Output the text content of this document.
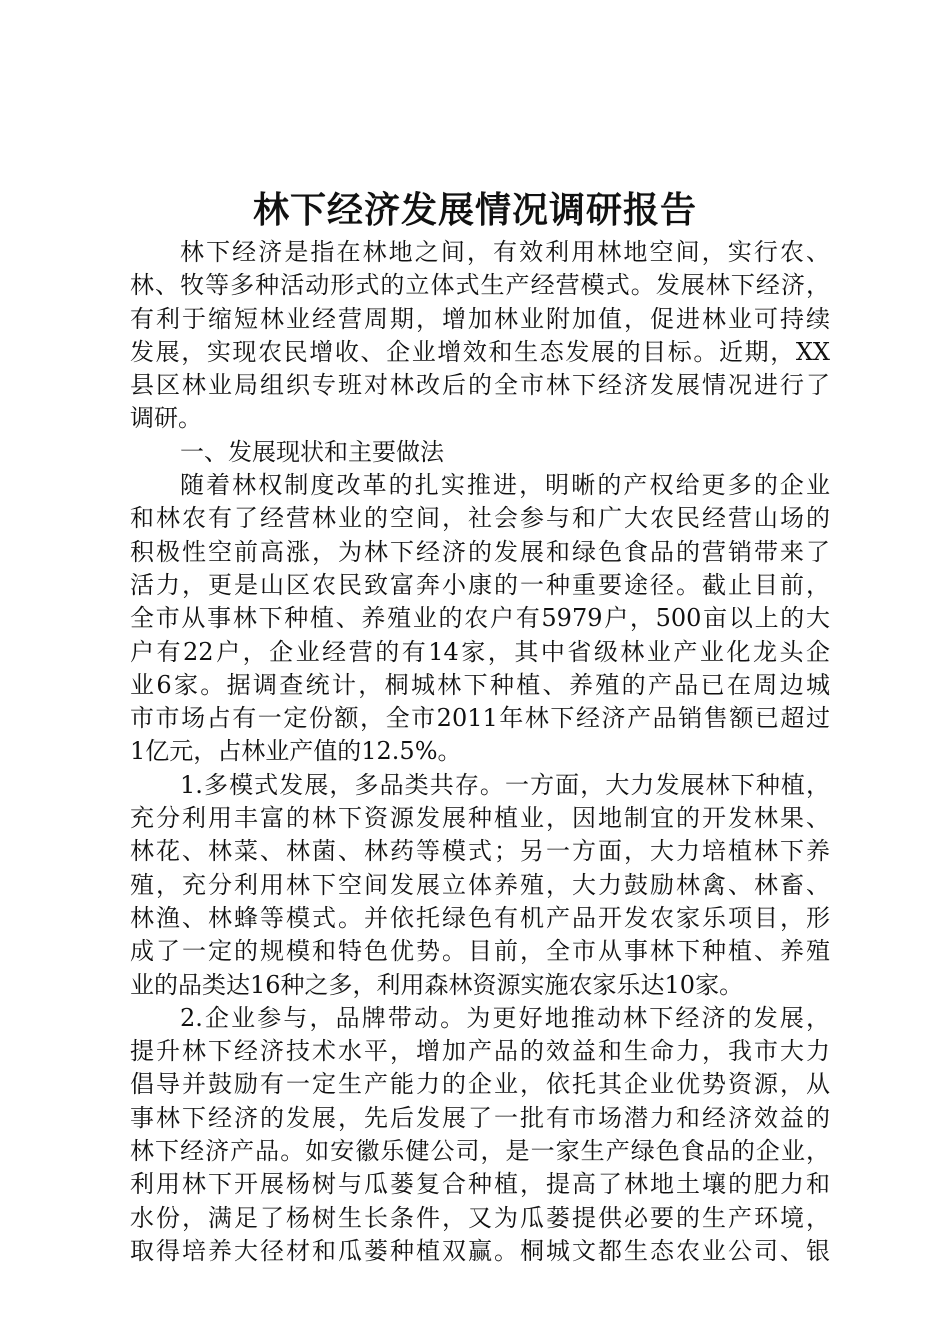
林下经济发展情况调研报告
林下经济是指在林地之间，有效利用林地空间，实行农、
林、牧等多种活动形式的立体式生产经营模式。发展林下经济，
有利于缩短林业经营周期，增加林业附加值，促进林业可持续
发展，实现农民增收、企业增效和生态发展的目标。近期，XX
县区林业局组织专班对林改后的全市林下经济发展情况进行了
调研。
一、发展现状和主要做法
随着林权制度改革的扎实推进，明晰的产权给更多的企业
和林农有了经营林业的空间，社会参与和广大农民经营山场的
积极性空前高涨，为林下经济的发展和绿色食品的营销带来了
活力，更是山区农民致富奔小康的一种重要途径。截止目前，
全市从事林下种植、养殖业的农户有5979户，500亩以上的大
户有22户，企业经营的有14家，其中省级林业产业化龙头企
业6家。据调查统计，桐城林下种植、养殖的产品已在周边城
市市场占有一定份额，全市2011年林下经济产品销售额已超过
1亿元，占林业产值的12.5%。
1.多模式发展，多品类共存。一方面，大力发展林下种植，
充分利用丰富的林下资源发展种植业，因地制宜的开发林果、
林花、林菜、林菌、林药等模式；另一方面，大力培植林下养
殖，充分利用林下空间发展立体养殖，大力鼓励林禽、林畜、
林渔、林蜂等模式。并依托绿色有机产品开发农家乐项目，形
成了一定的规模和特色优势。目前，全市从事林下种植、养殖
业的品类达16种之多，利用森林资源实施农家乐达10家。
2.企业参与，品牌带动。为更好地推动林下经济的发展，
提升林下经济技术水平，增加产品的效益和生命力，我市大力
倡导并鼓励有一定生产能力的企业，依托其企业优势资源，从
事林下经济的发展，先后发展了一批有市场潜力和经济效益的
林下经济产品。如安徽乐健公司，是一家生产绿色食品的企业，
利用林下开展杨树与瓜蒌复合种植，提高了林地土壤的肥力和
水份，满足了杨树生长条件，又为瓜蒌提供必要的生产环境，
取得培养大径材和瓜蒌种植双赢。桐城文都生态农业公司、银
